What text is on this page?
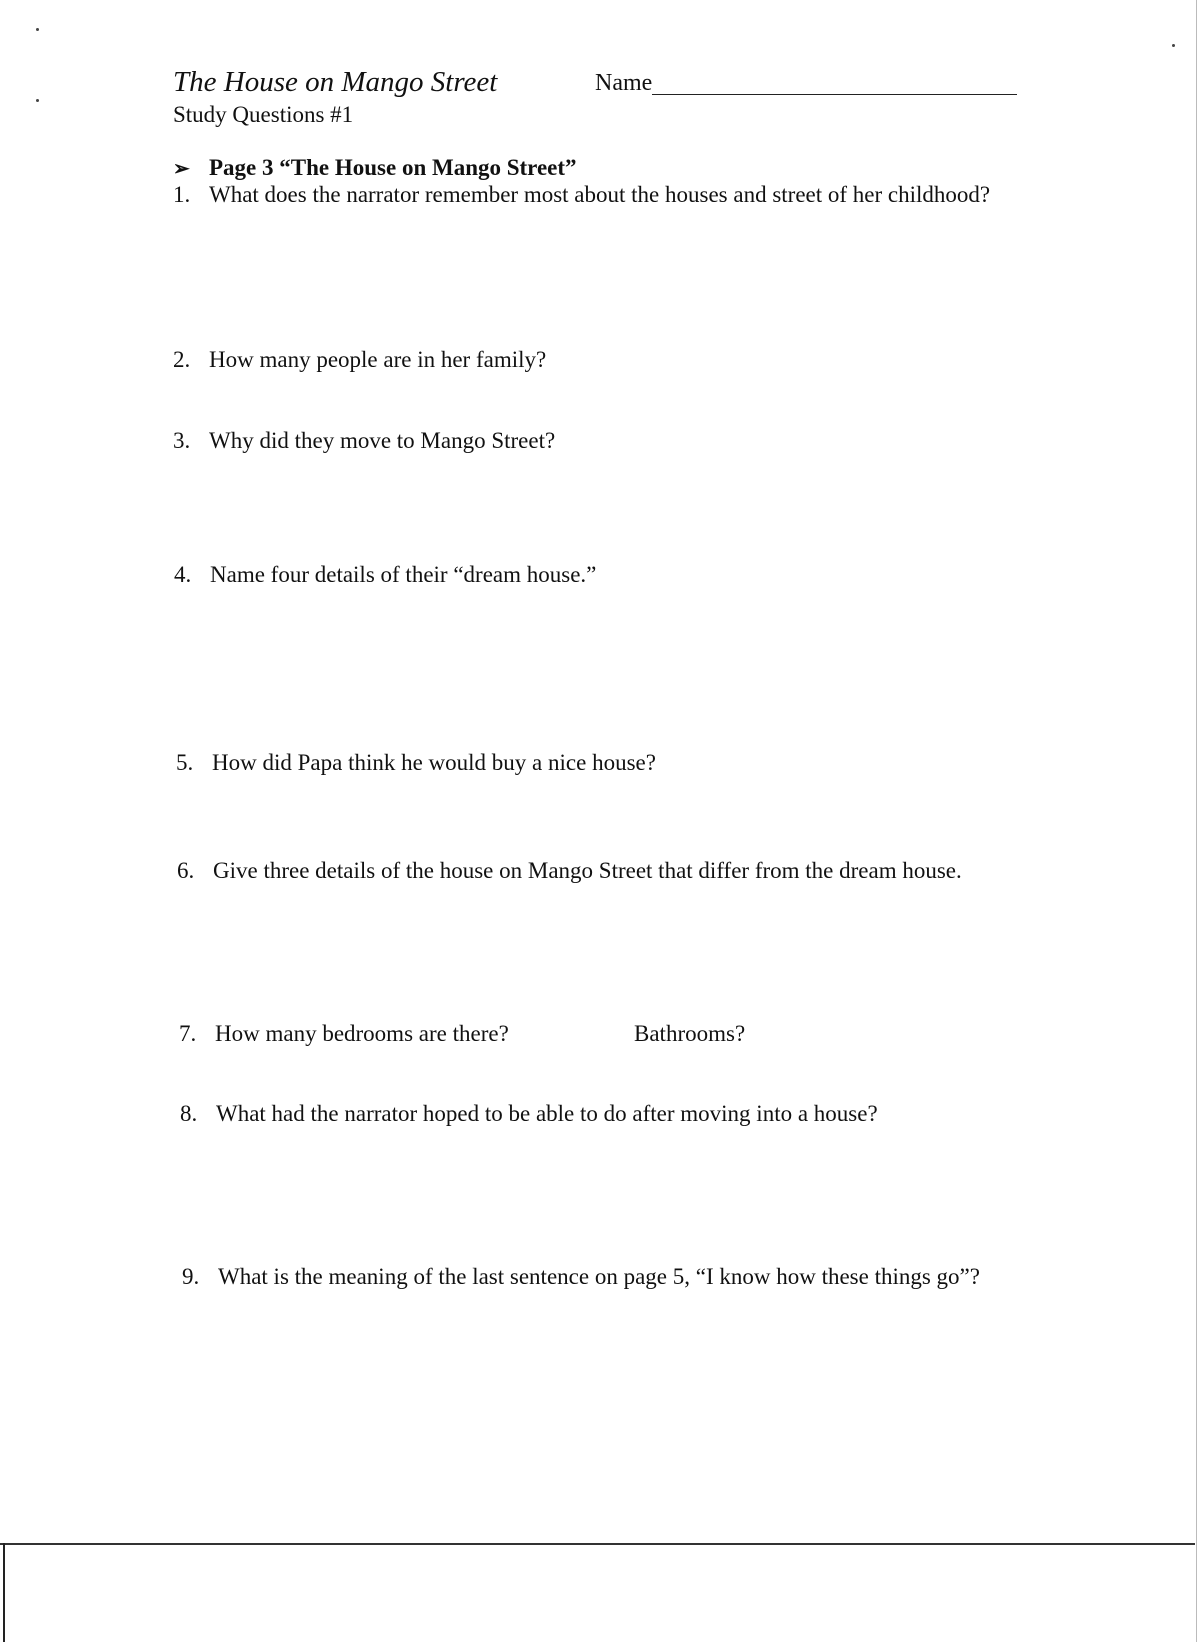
The House on Mango Street	Name
Study Questions #1
➢ Page 3 “The House on Mango Street”
1. What does the narrator remember most about the houses and street of her childhood?
2. How many people are in her family?
3. Why did they move to Mango Street?
4. Name four details of their “dream house.”
5. How did Papa think he would buy a nice house?
6. Give three details of the house on Mango Street that differ from the dream house.
7. How many bedrooms are there?	Bathrooms?
8. What had the narrator hoped to be able to do after moving into a house?
9. What is the meaning of the last sentence on page 5, “I know how these things go”?
